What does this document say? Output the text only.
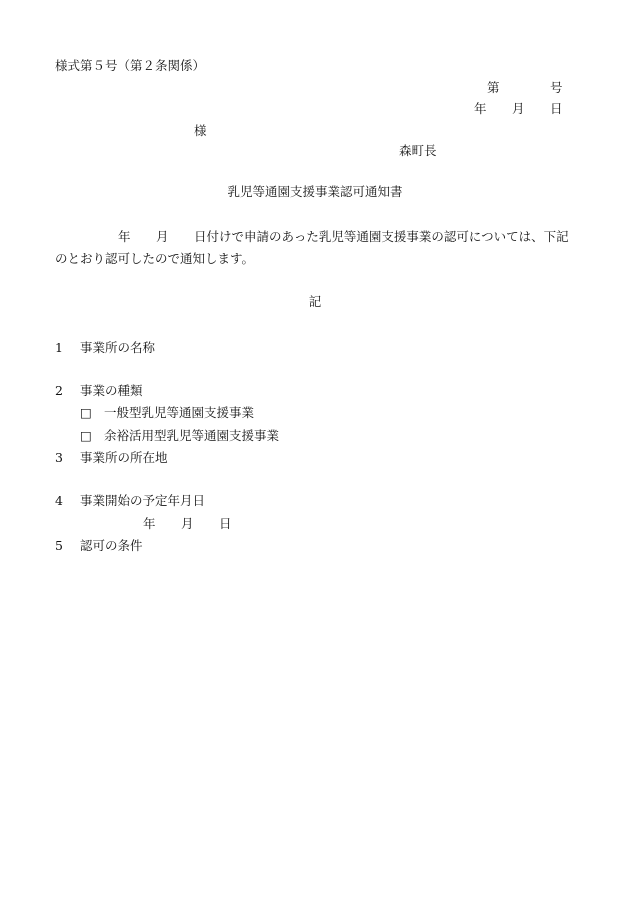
様式第５号（第２条関係）
第	号
年 月 日
様
森町長
乳児等通園支援事業認可通知書
年 月 日付けで申請のあった乳児等通園支援事業の認可については、下記
のとおり認可したので通知します。
記
1 事業所の名称
2 事業の種類
□ 一般型乳児等通園支援事業
□ 余裕活用型乳児等通園支援事業
3 事業所の所在地
4 事業開始の予定年月日
年 月 日
5 認可の条件
